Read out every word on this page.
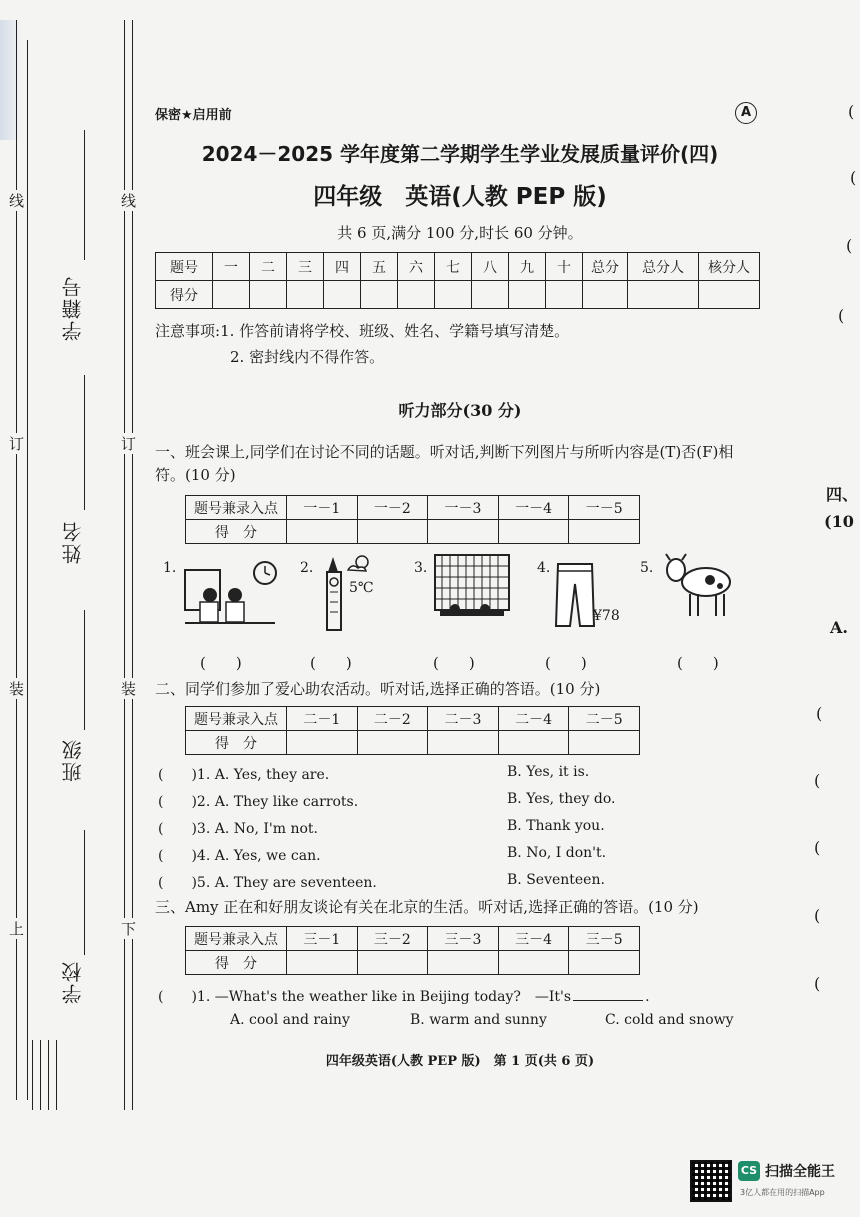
线
订
装
上
线
订
装
下
学籍号
姓名
班级
学校
保密★启用前	A
2024－2025 学年度第二学期学生学业发展质量评价(四)
四年级　英语(人教 PEP 版)
共 6 页,满分 100 分,时长 60 分钟。
题号	一	二	三	四	五	六	七	八	九	十	总分	总分人	核分人
得分													
注意事项:1. 作答前请将学校、班级、姓名、学籍号填写清楚。
2. 密封线内不得作答。
听力部分(30 分)
一、班会课上,同学们在讨论不同的话题。听对话,判断下列图片与所听内容是(T)否(F)相符。(10 分)
题号兼录入点	一－1	一－2	一－3	一－4	一－5
得　分					
1.	2.
5℃
3.	4.
¥78
5.
(　　)	(　　)	(　　)	(　　)	(　　)
二、同学们参加了爱心助农活动。听对话,选择正确的答语。(10 分)
题号兼录入点	二－1	二－2	二－3	二－4	二－5
得　分					
(　　)1. A. Yes, they are.	B. Yes, it is.
(　　)2. A. They like carrots.	B. Yes, they do.
(　　)3. A. No, I'm not.	B. Thank you.
(　　)4. A. Yes, we can.	B. No, I don't.
(　　)5. A. They are seventeen.	B. Seventeen.
三、Amy 正在和好朋友谈论有关在北京的生活。听对话,选择正确的答语。(10 分)
题号兼录入点	三－1	三－2	三－3	三－4	三－5
得　分					
(　　)1. —What's the weather like in Beijing today?　—It's	.
A. cool and rainy	B. warm and sunny	C. cold and snowy
四年级英语(人教 PEP 版)　第 1 页(共 6 页)
(
(
(
(
四、
(10
A.
(
(
(
(
(
CS 扫描全能王
3亿人都在用的扫描App
